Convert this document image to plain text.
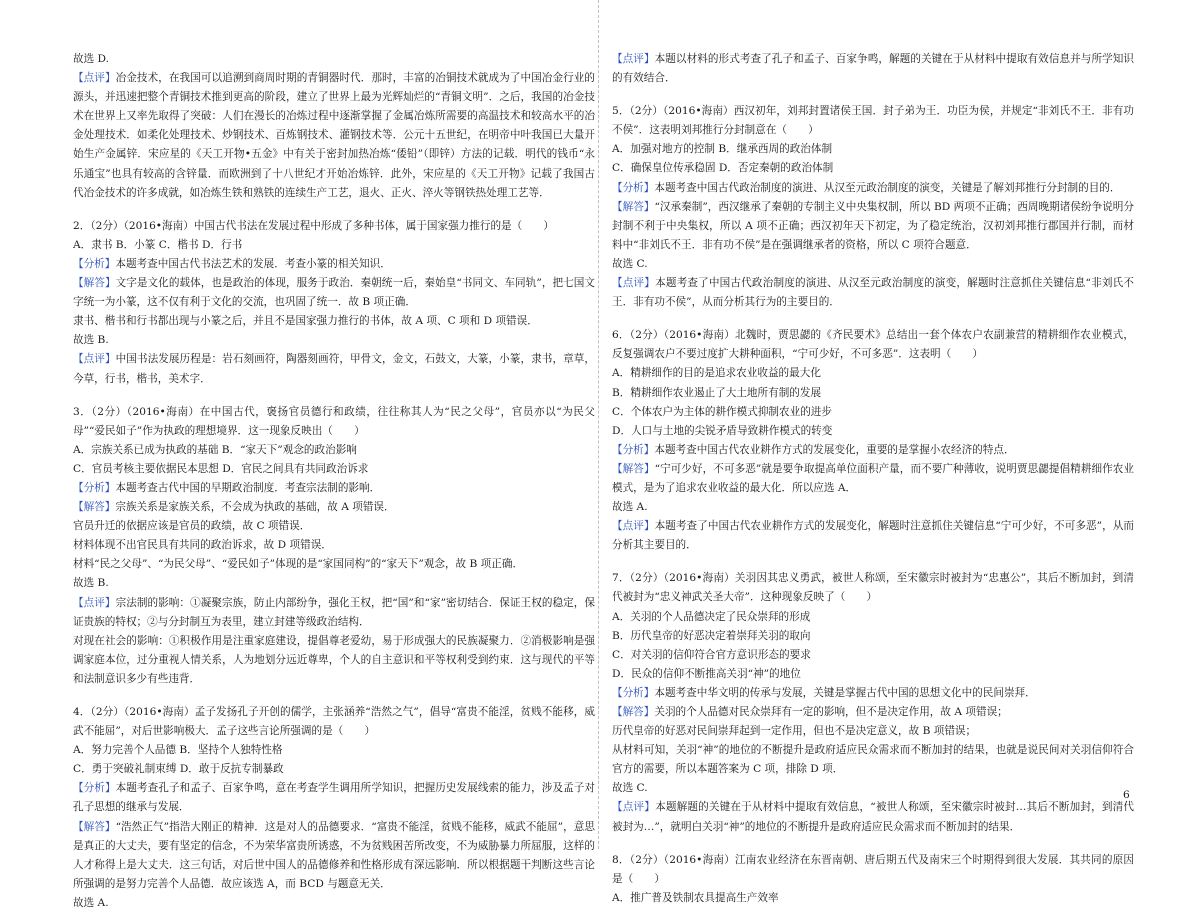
故选 D.

【点评】冶金技术，在我国可以追溯到商周时期的青铜器时代．那时，丰富的冶铜技术就成为了中国冶金行业的源头，并迅速把整个青铜技术推到更高的阶段，建立了世界上最为光辉灿烂的“青铜文明”．之后，我国的冶金技术在世界上又率先取得了突破：人们在漫长的冶炼过程中逐渐掌握了金属冶炼所需要的高温技术和较高水平的冶金处理技术．如柔化处理技术、炒钢技术、百炼钢技术、灌钢技术等．公元十五世纪，在明帝中叶我国已大量开始生产金属锌．宋应星的《天工开物•五金》中有关于密封加热冶炼“倭铅”（即锌）方法的记载．明代的钱币“永乐通宝”也具有较高的含锌量．而欧洲到了十八世纪才开始冶炼锌．此外，宋应星的《天工开物》记载了我国古代冶金技术的许多成就，如冶炼生铁和熟铁的连续生产工艺，退火、正火、淬火等钢铁热处理工艺等．

2．（2分）（2016•海南）中国古代书法在发展过程中形成了多种书体，属于国家强力推行的是（　　）

A．隶书 B．小篆 C．楷书 D．行书

【分析】本题考查中国古代书法艺术的发展．考查小篆的相关知识．

【解答】文字是文化的载体，也是政治的体现，服务于政治．秦朝统一后，秦始皇“书同文、车同轨”，把七国文字统一为小篆，这不仅有利于文化的交流，也巩固了统一．故 B 项正确．

隶书、楷书和行书都出现与小篆之后，并且不是国家强力推行的书体，故 A 项、C 项和 D 项错误．

故选 B.

【点评】中国书法发展历程是：岩石刻画符，陶器刻画符，甲骨文，金文，石鼓文，大篆，小篆，隶书，章草，今草，行书，楷书，美术字．

3．（2分）（2016•海南）在中国古代，褒扬官员德行和政绩，往往称其人为“民之父母”，官员亦以“为民父母”“爱民如子”作为执政的理想境界．这一现象反映出（　　）

A．宗族关系已成为执政的基础 B．“家天下”观念的政治影响

C．官员考核主要依据民本思想 D．官民之间具有共同政治诉求

【分析】本题考查古代中国的早期政治制度．考查宗法制的影响．

【解答】宗族关系是家族关系，不会成为执政的基础，故 A 项错误．

官员升迁的依据应该是官员的政绩，故 C 项错误．

材料体现不出官民具有共同的政治诉求，故 D 项错误．

材料“民之父母”、“为民父母”、“爱民如子”体现的是“家国同构”的“家天下”观念，故 B 项正确．

故选 B.

【点评】宗法制的影响：①凝聚宗族，防止内部纷争，强化王权，把“国”和“家”密切结合．保证王权的稳定，保证贵族的特权；②与分封制互为表里，建立封建等级政治结构．

对现在社会的影响：①积极作用是注重家庭建设，提倡尊老爱幼，易于形成强大的民族凝聚力．②消极影响是强调家庭本位，过分重视人情关系，人为地划分远近尊卑，个人的自主意识和平等权利受到约束．这与现代的平等和法制意识多少有些违背．

4．（2分）（2016•海南）孟子发扬孔子开创的儒学，主张涵养“浩然之气”，倡导“富贵不能淫，贫贱不能移，威武不能屈”，对后世影响极大．孟子这些言论所强调的是（　　）

A．努力完善个人品德 B．坚持个人独特性格

C．勇于突破礼制束缚 D．敢于反抗专制暴政

【分析】本题考查孔子和孟子、百家争鸣，意在考查学生调用所学知识，把握历史发展线索的能力，涉及孟子对孔子思想的继承与发展．

【解答】“浩然正气”指浩大刚正的精神．这是对人的品德要求．“富贵不能淫，贫贱不能移，威武不能屈”，意思是真正的大丈夫，要有坚定的信念，不为荣华富贵所诱惑，不为贫贱困苦所改变，不为威胁暴力所屈服，这样的人才称得上是大丈夫．这三句话，对后世中国人的品德修养和性格形成有深远影响．所以根据题干判断这些言论所强调的是努力完善个人品德．故应该选 A，而 BCD 与题意无关．

故选 A.

【点评】本题以材料的形式考查了孔子和孟子、百家争鸣，解题的关键在于从材料中提取有效信息并与所学知识的有效结合．

5．（2分）（2016•海南）西汉初年，刘邦封置诸侯王国．封子弟为王．功臣为侯，并规定“非刘氏不王．非有功不侯”．这表明刘邦推行分封制意在（　　）

A．加强对地方的控制 B．继承西周的政治体制

C．确保皇位传承稳固 D．否定秦朝的政治体制

【分析】本题考查中国古代政治制度的演进、从汉至元政治制度的演变，关键是了解刘邦推行分封制的目的．

【解答】“汉承秦制”，西汉继承了秦朝的专制主义中央集权制，所以 BD 两项不正确；西周晚期诸侯纷争说明分封制不利于中央集权，所以 A 项不正确；西汉初年天下初定，为了稳定统治，汉初刘邦推行郡国并行制，而材料中“非刘氏不王．非有功不侯”是在强调继承者的资格，所以 C 项符合题意．

故选 C.

【点评】本题考查了中国古代政治制度的演进、从汉至元政治制度的演变，解题时注意抓住关键信息“非刘氏不王．非有功不侯”，从而分析其行为的主要目的．

6．（2分）（2016•海南）北魏时，贾思勰的《齐民要术》总结出一套个体农户农副兼营的精耕细作农业模式，反复强调农户不要过度扩大耕种面积，“宁可少好，不可多恶”．这表明（　　）

A．精耕细作的目的是追求农业收益的最大化

B．精耕细作农业遏止了大土地所有制的发展

C．个体农户为主体的耕作模式抑制农业的进步

D．人口与土地的尖锐矛盾导致耕作模式的转变

【分析】本题考查中国古代农业耕作方式的发展变化，重要的是掌握小农经济的特点．

【解答】“宁可少好，不可多恶”就是要争取提高单位面积产量，而不要广种薄收，说明贾思勰提倡精耕细作农业模式，是为了追求农业收益的最大化．所以应选 A．

故选 A.

【点评】本题考查了中国古代农业耕作方式的发展变化，解题时注意抓住关键信息“宁可少好，不可多恶”，从而分析其主要目的．

7．（2分）（2016•海南）关羽因其忠义勇武，被世人称颂，至宋徽宗时被封为“忠惠公”，其后不断加封，到清代被封为“忠义神武关圣大帝”．这种现象反映了（　　）

A．关羽的个人品德决定了民众崇拜的形成

B．历代皇帝的好恶决定着崇拜关羽的取向

C．对关羽的信仰符合官方意识形态的要求

D．民众的信仰不断推高关羽“神”的地位

【分析】本题考查中华文明的传承与发展，关键是掌握古代中国的思想文化中的民间崇拜．

【解答】关羽的个人品德对民众崇拜有一定的影响，但不是决定作用，故 A 项错误；

历代皇帝的好恶对民间崇拜起到一定作用，但也不是决定意义，故 B 项错误；

从材料可知，关羽“神”的地位的不断提升是政府适应民众需求而不断加封的结果，也就是说民间对关羽信仰符合官方的需要，所以本题答案为 C 项，排除 D 项．

故选 C.

【点评】本题解题的关键在于从材料中提取有效信息，“被世人称颂，至宋徽宗时被封…其后不断加封，到清代被封为…”，就明白关羽“神”的地位的不断提升是政府适应民众需求而不断加封的结果．

8．（2分）（2016•海南）江南农业经济在东晋南朝、唐后期五代及南宋三个时期得到很大发展．其共同的原因是（　　）

A．推广普及铁制农具提高生产效率

6
